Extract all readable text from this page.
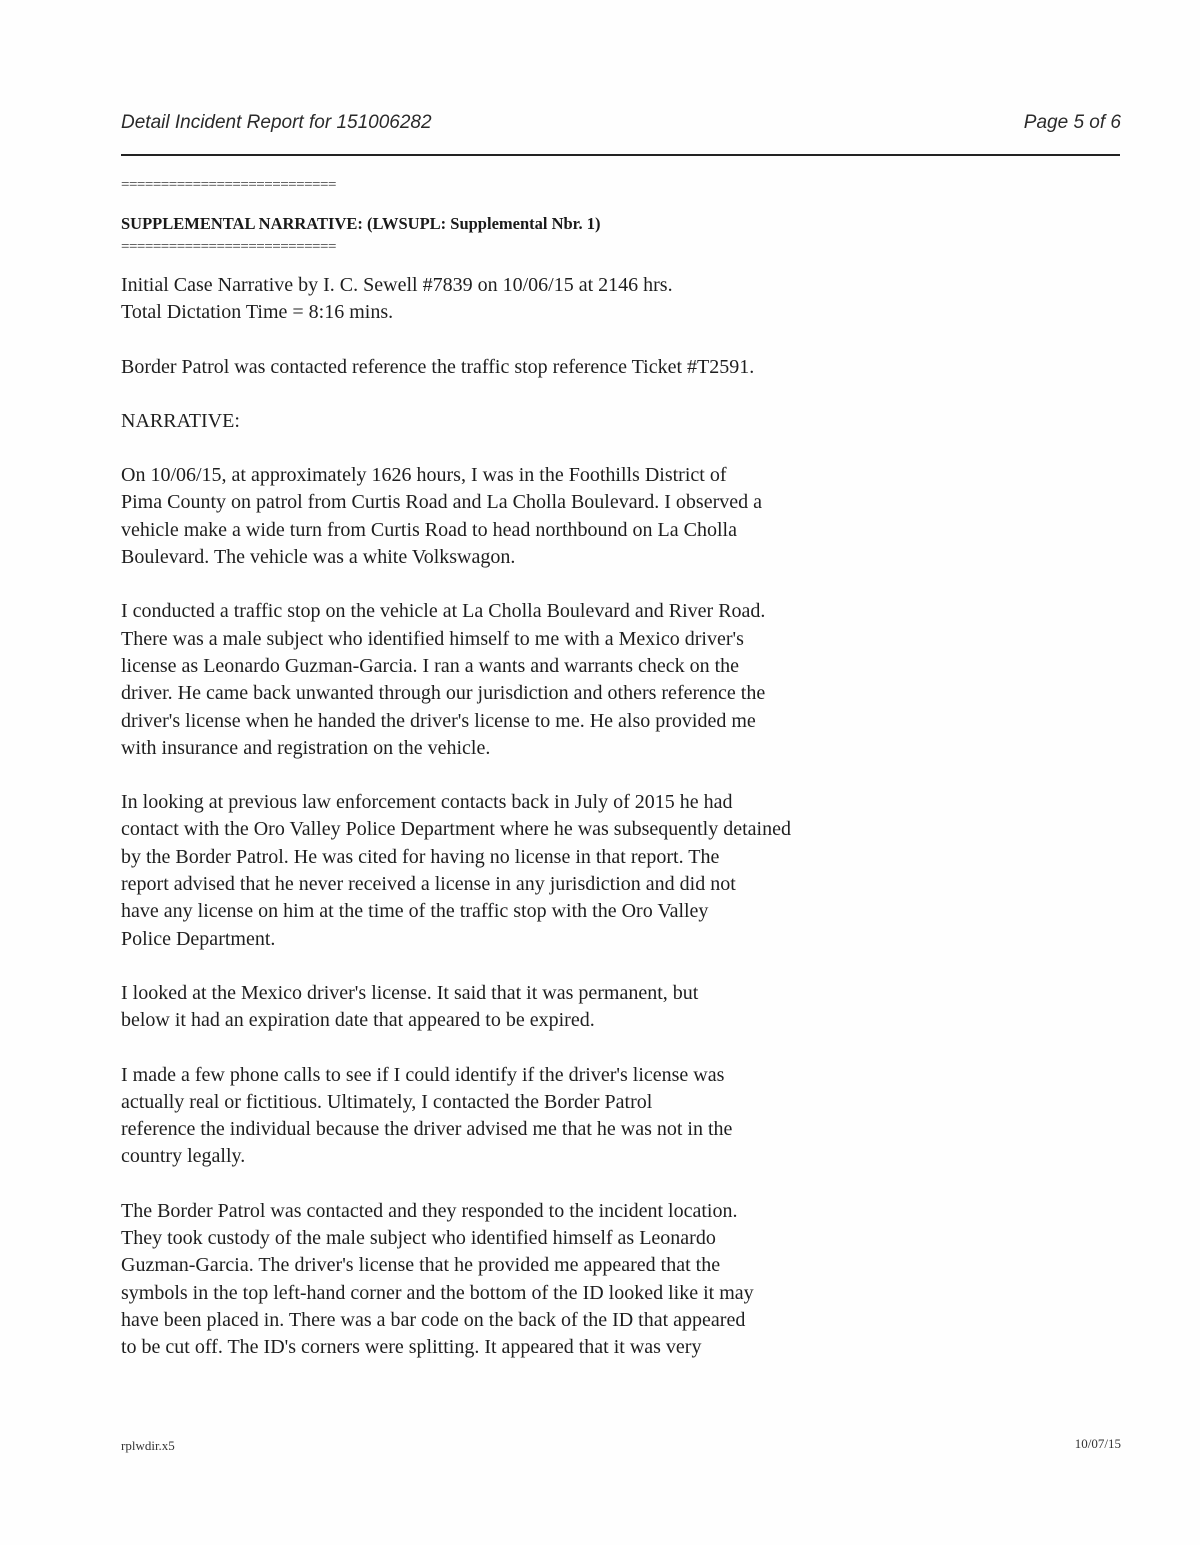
Detail Incident Report for 151006282	Page 5 of 6
===========================
SUPPLEMENTAL NARRATIVE: (LWSUPL: Supplemental Nbr. 1)
===========================

Initial Case Narrative by I. C. Sewell #7839 on 10/06/15 at 2146 hrs.
Total Dictation Time = 8:16 mins.

Border Patrol was contacted reference the traffic stop reference Ticket #T2591.

NARRATIVE:

On 10/06/15, at approximately 1626 hours, I was in the Foothills District of
Pima County on patrol from Curtis Road and La Cholla Boulevard. I observed a
vehicle make a wide turn from Curtis Road to head northbound on La Cholla
Boulevard. The vehicle was a white Volkswagon.

I conducted a traffic stop on the vehicle at La Cholla Boulevard and River Road.
There was a male subject who identified himself to me with a Mexico driver's
license as Leonardo Guzman-Garcia. I ran a wants and warrants check on the
driver. He came back unwanted through our jurisdiction and others reference the
driver's license when he handed the driver's license to me. He also provided me
with insurance and registration on the vehicle.

In looking at previous law enforcement contacts back in July of 2015 he had
contact with the Oro Valley Police Department where he was subsequently detained
by the Border Patrol. He was cited for having no license in that report. The
report advised that he never received a license in any jurisdiction and did not
have any license on him at the time of the traffic stop with the Oro Valley
Police Department.

I looked at the Mexico driver's license. It said that it was permanent, but
below it had an expiration date that appeared to be expired.

I made a few phone calls to see if I could identify if the driver's license was
actually real or fictitious. Ultimately, I contacted the Border Patrol
reference the individual because the driver advised me that he was not in the
country legally.

The Border Patrol was contacted and they responded to the incident location.
They took custody of the male subject who identified himself as Leonardo
Guzman-Garcia. The driver's license that he provided me appeared that the
symbols in the top left-hand corner and the bottom of the ID looked like it may
have been placed in. There was a bar code on the back of the ID that appeared
to be cut off. The ID's corners were splitting. It appeared that it was very

rplwdir.x5	10/07/15
